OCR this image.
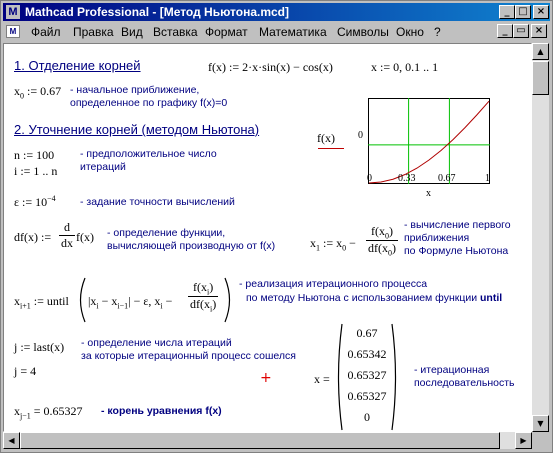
M Mathcad Professional - [Метод Ньютона.mcd]	_ □ ×
M	Файл Правка Вид Вставка Формат Математика Символы Окно ?	_ ▭ ×
1. Отделение корней	f(x) := 2·x·sin(x) − cos(x)	x := 0, 0.1 .. 1
$x_0$ := 0.67 - начальное приближение,
определенное по графику f(x)=0
f(x) 0
0	0.33 0.67	1
x
2. Уточнение корней (методом Ньютона)
n := 100
i := 1 .. n
- предположительное число
итераций
ε := $10^{-4}$ - задание точности вычислений
df(x) := $\frac{d}{dx} f(x)$ - определение функции,
вычисляющей производную от f(x)	$x_1$ := $x_0 - \frac{f(x_0)}{df(x_0)}$ - вычисление первого
приближения
по Формуле Ньютона
$x_{i+1}$ := until $|x_i - x_{i-1}| - \varepsilon$, $x_i - \frac{f(x_i)}{df(x_i)}$ - реализация итерационного процесса
по методу Ньютона с использованием функции until
j := last(x) - определение числа итераций
за которые итерационный процесс сошелся
j = 4	+	x =
0.67
0.65342
0.65327
0.65327
0
- итерационная
последовательность
$x_{j-1} = 0.65327$ - корень уравнения f(x)
▲
▼
◀	▶
